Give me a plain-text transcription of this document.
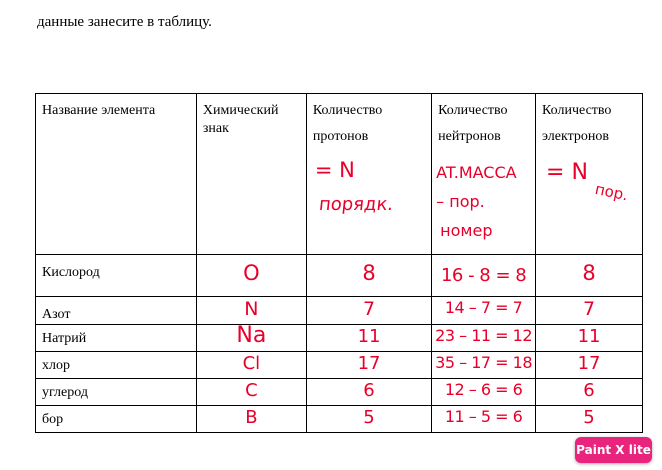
данные занесите в таблицу.
Название элемента	Химический
знак	Количество
протонов
= N
порядк.	Количество
нейтронов
AT.MACCA
– пор.
номер	Количество
электронов
= N
пор.

Кислород	O	8	16 - 8 = 8	8

Азот	N	7	14 – 7 = 7	7

Натрий	Na	11	23 – 11 = 12	11

хлор	Cl	17	35 – 17 = 18	17

углерод	C	6	12 – 6 = 6	6

бор	B	5	11 – 5 = 6	5
Paint X lite
